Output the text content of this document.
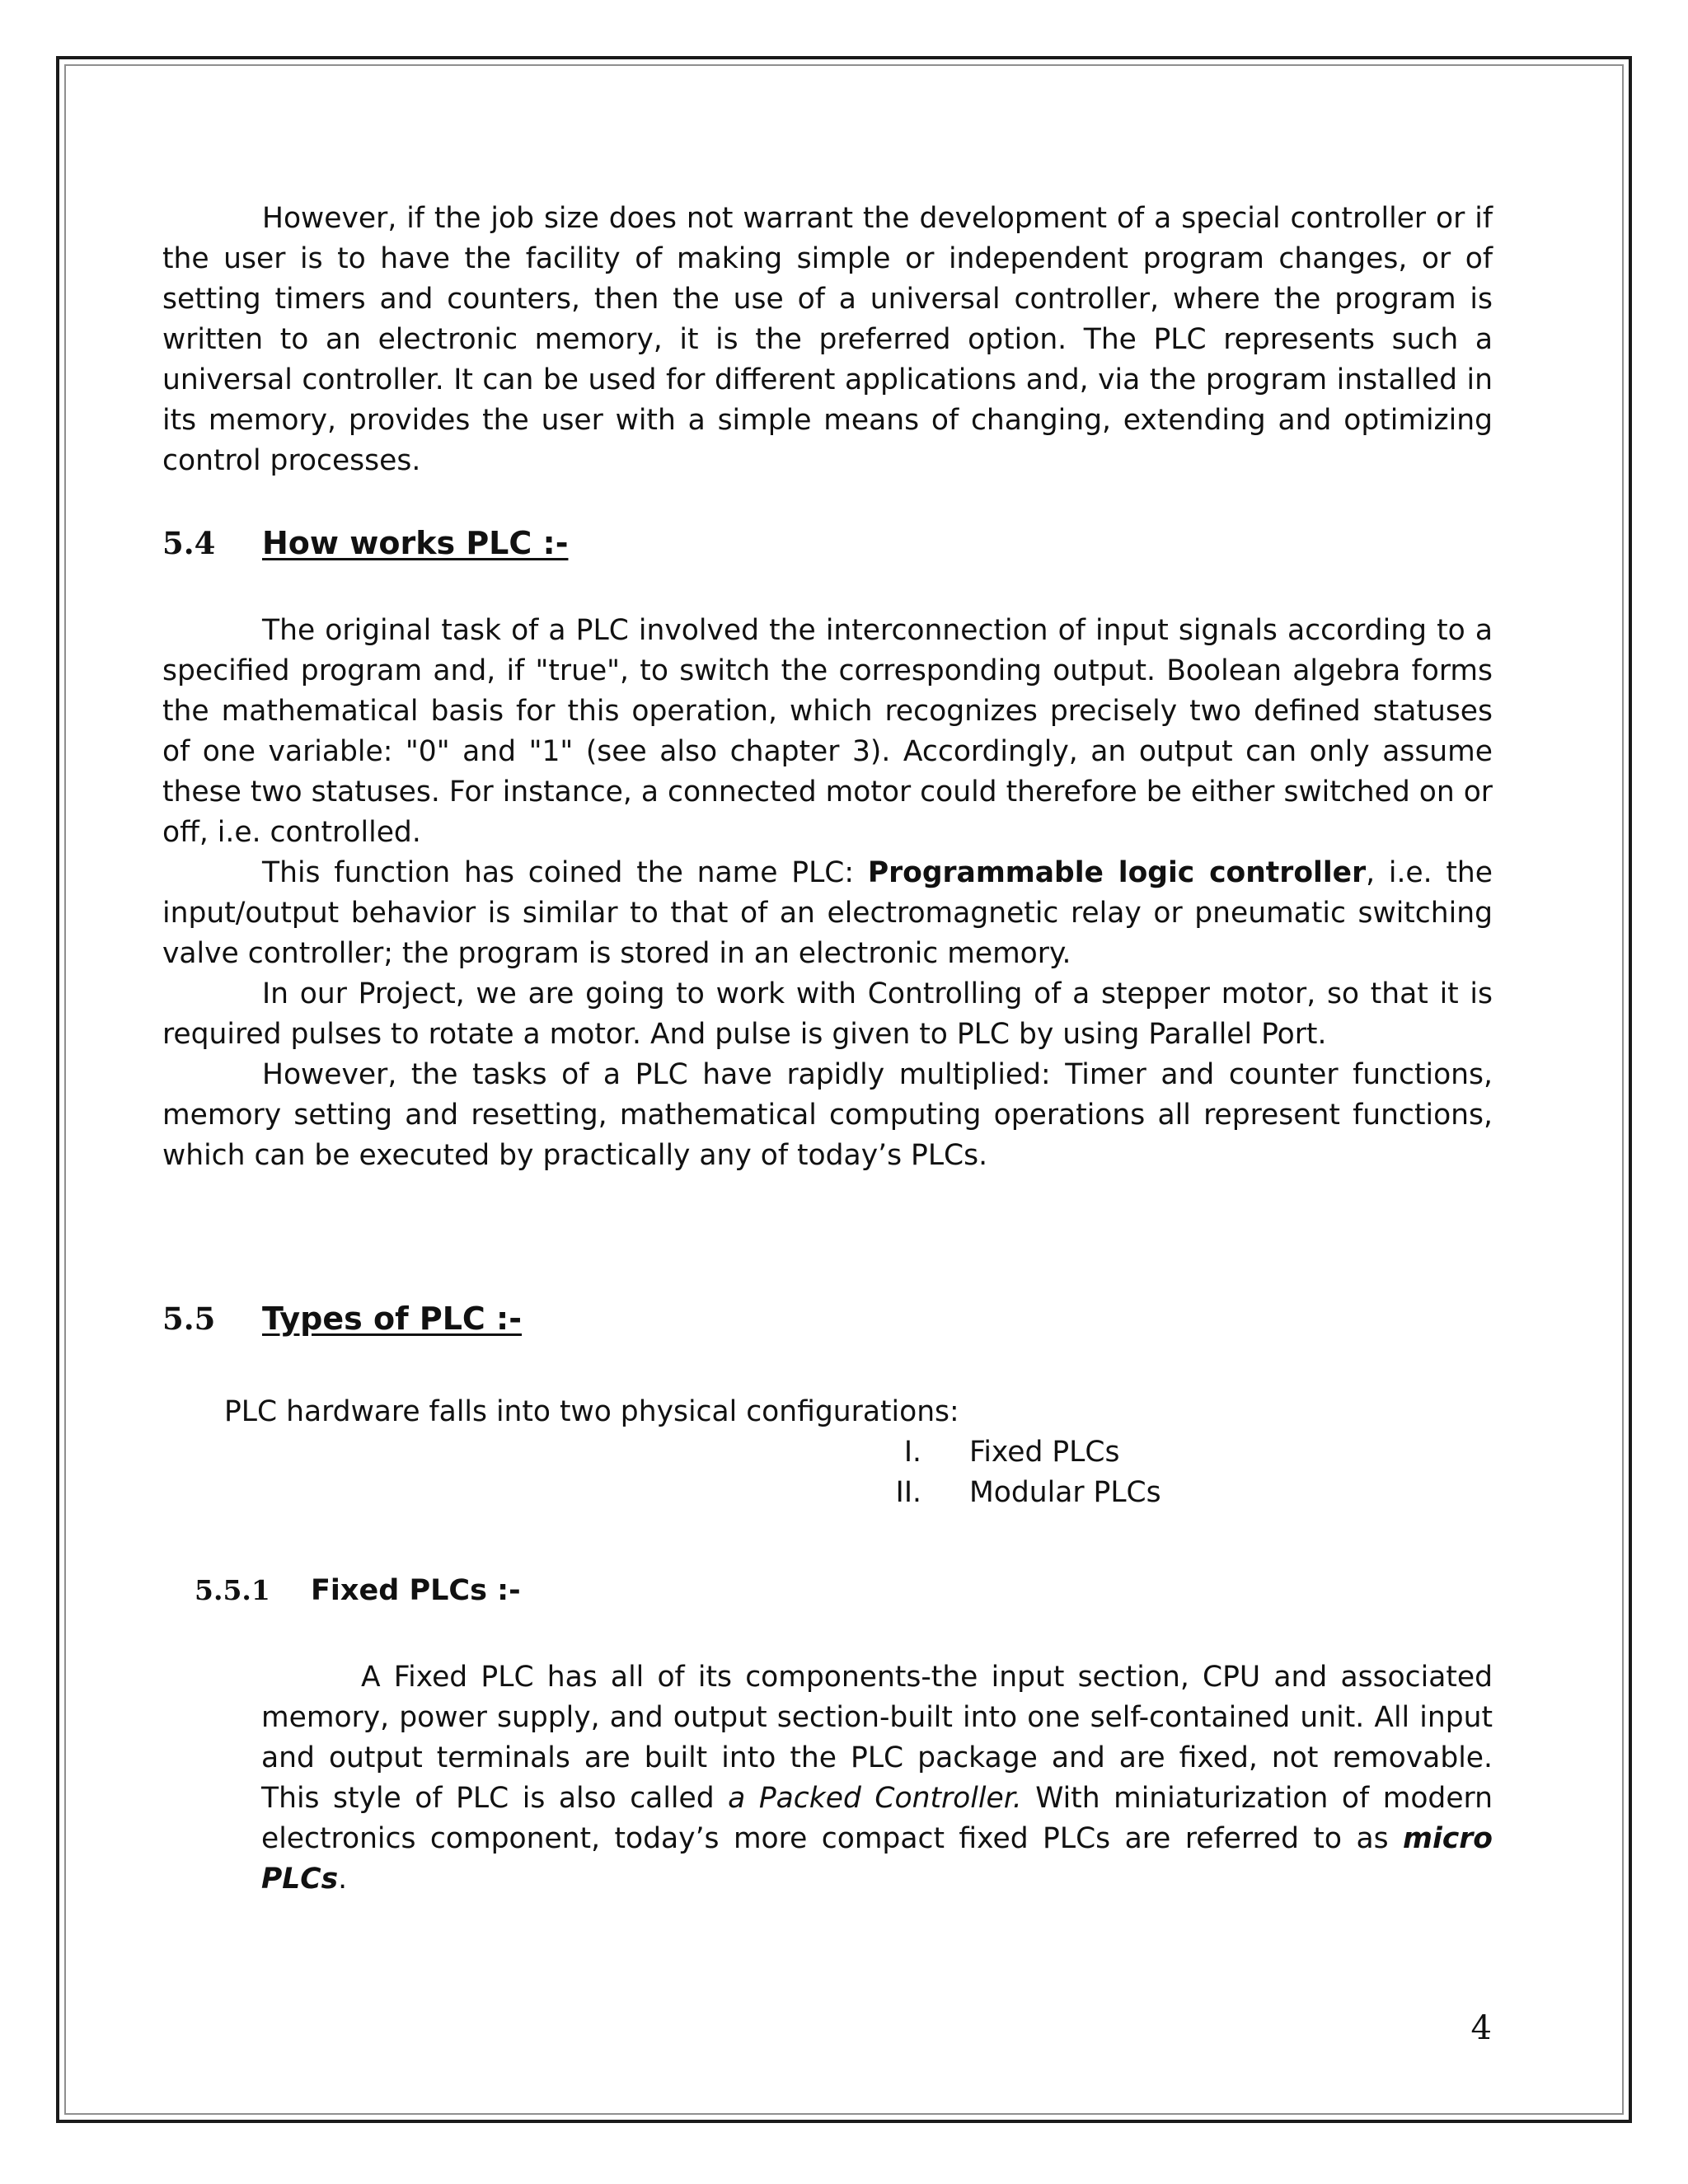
However, if the job size does not warrant the development of a special controller or if the user is to have the facility of making simple or independent program changes, or of setting timers and counters, then the use of a universal controller, where the program is written to an electronic memory, it is the preferred option. The PLC represents such a universal controller. It can be used for different applications and, via the program installed in its memory, provides the user with a simple means of changing, extending and optimizing control processes.

5.4 How works PLC :-

The original task of a PLC involved the interconnection of input signals according to a specified program and, if "true", to switch the corresponding output. Boolean algebra forms the mathematical basis for this operation, which recognizes precisely two defined statuses of one variable: "0" and "1" (see also chapter 3). Accordingly, an output can only assume these two statuses. For instance, a connected motor could therefore be either switched on or off, i.e. controlled.

This function has coined the name PLC: Programmable logic controller, i.e. the input/output behavior is similar to that of an electromagnetic relay or pneumatic switching valve controller; the program is stored in an electronic memory.

In our Project, we are going to work with Controlling of a stepper motor, so that it is required pulses to rotate a motor. And pulse is given to PLC by using Parallel Port.

However, the tasks of a PLC have rapidly multiplied: Timer and counter functions, memory setting and resetting, mathematical computing operations all represent functions, which can be executed by practically any of today’s PLCs.

5.5 Types of PLC :-

PLC hardware falls into two physical configurations:

I. Fixed PLCs
II. Modular PLCs
5.5.1 Fixed PLCs :-

A Fixed PLC has all of its components-the input section, CPU and associated memory, power supply, and output section-built into one self-contained unit. All input and output terminals are built into the PLC package and are fixed, not removable. This style of PLC is also called a Packed Controller. With miniaturization of modern electronics component, today’s more compact fixed PLCs are referred to as micro PLCs.

4
